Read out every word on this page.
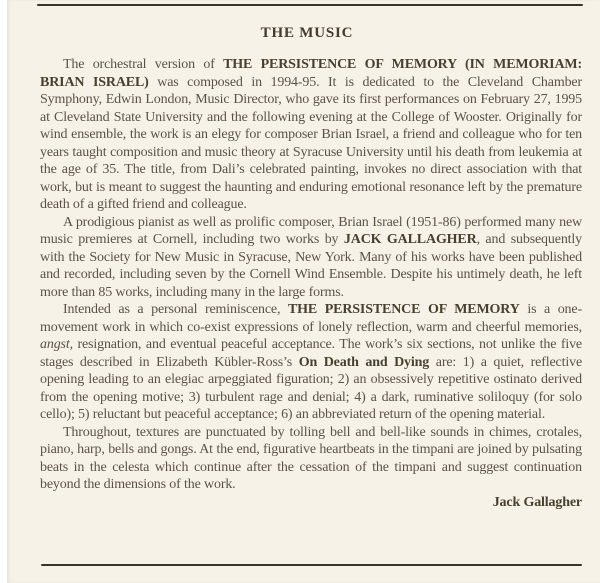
THE MUSIC

The orchestral version of THE PERSISTENCE OF MEMORY (IN MEMORIAM: BRIAN ISRAEL) was composed in 1994-95. It is dedicated to the Cleveland Chamber Symphony, Edwin London, Music Director, who gave its first performances on February 27, 1995 at Cleveland State University and the following evening at the College of Wooster. Originally for wind ensemble, the work is an elegy for composer Brian Israel, a friend and colleague who for ten years taught composition and music theory at Syracuse University until his death from leukemia at the age of 35. The title, from Dali’s celebrated painting, invokes no direct association with that work, but is meant to suggest the haunting and enduring emotional resonance left by the premature death of a gifted friend and colleague.

A prodigious pianist as well as prolific composer, Brian Israel (1951-86) performed many new music premieres at Cornell, including two works by JACK GALLAGHER, and subsequently with the Society for New Music in Syracuse, New York. Many of his works have been published and recorded, including seven by the Cornell Wind Ensemble. Despite his untimely death, he left more than 85 works, including many in the large forms.

Intended as a personal reminiscence, THE PERSISTENCE OF MEMORY is a one-movement work in which co-exist expressions of lonely reflection, warm and cheerful memories, angst, resignation, and eventual peaceful acceptance. The work’s six sections, not unlike the five stages described in Elizabeth Kübler-Ross’s On Death and Dying are: 1) a quiet, reflective opening leading to an elegiac arpeggiated figuration; 2) an obsessively repetitive ostinato derived from the opening motive; 3) turbulent rage and denial; 4) a dark, ruminative soliloquy (for solo cello); 5) reluctant but peaceful acceptance; 6) an abbreviated return of the opening material.

Throughout, textures are punctuated by tolling bell and bell-like sounds in chimes, crotales, piano, harp, bells and gongs. At the end, figurative heartbeats in the timpani are joined by pulsating beats in the celesta which continue after the cessation of the timpani and suggest continuation beyond the dimensions of the work.

Jack Gallagher
